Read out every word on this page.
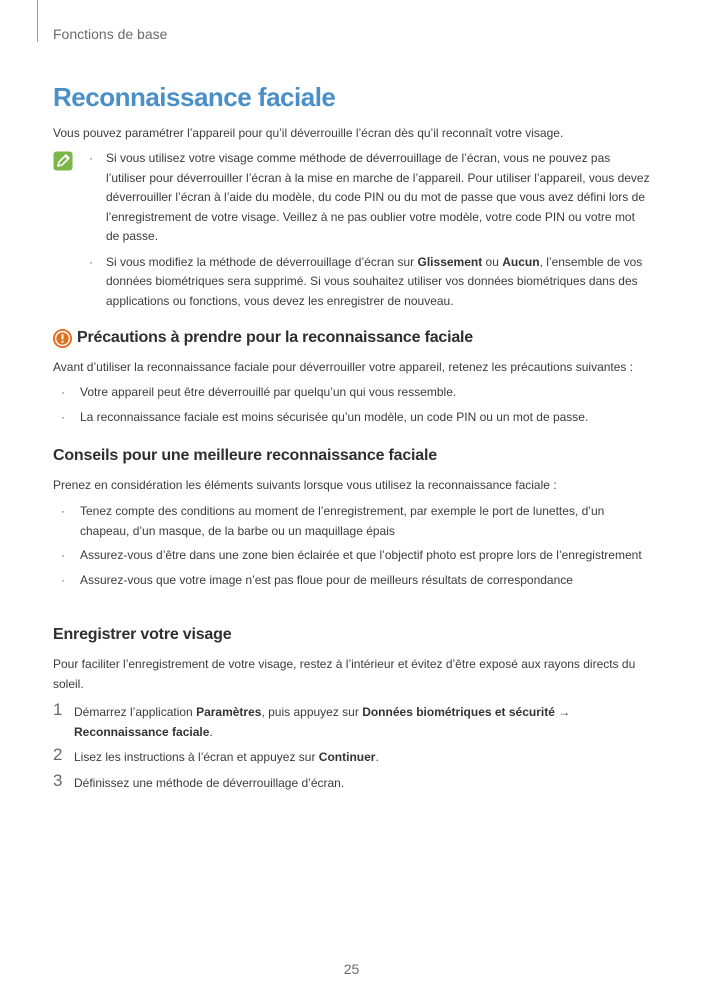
Fonctions de base
Reconnaissance faciale
Vous pouvez paramétrer l’appareil pour qu’il déverrouille l’écran dès qu’il reconnaît votre visage.
· Si vous utilisez votre visage comme méthode de déverrouillage de l’écran, vous ne pouvez pas l’utiliser pour déverrouiller l’écran à la mise en marche de l’appareil. Pour utiliser l’appareil, vous devez déverrouiller l’écran à l’aide du modèle, du code PIN ou du mot de passe que vous avez défini lors de l’enregistrement de votre visage. Veillez à ne pas oublier votre modèle, votre code PIN ou votre mot de passe.
· Si vous modifiez la méthode de déverrouillage d’écran sur Glissement ou Aucun, l’ensemble de vos données biométriques sera supprimé. Si vous souhaitez utiliser vos données biométriques dans des applications ou fonctions, vous devez les enregistrer de nouveau.
Précautions à prendre pour la reconnaissance faciale
Avant d’utiliser la reconnaissance faciale pour déverrouiller votre appareil, retenez les précautions suivantes :
· Votre appareil peut être déverrouillé par quelqu’un qui vous ressemble.
· La reconnaissance faciale est moins sécurisée qu’un modèle, un code PIN ou un mot de passe.
Conseils pour une meilleure reconnaissance faciale
Prenez en considération les éléments suivants lorsque vous utilisez la reconnaissance faciale :
· Tenez compte des conditions au moment de l’enregistrement, par exemple le port de lunettes, d’un chapeau, d’un masque, de la barbe ou un maquillage épais
· Assurez-vous d’être dans une zone bien éclairée et que l’objectif photo est propre lors de l’enregistrement
· Assurez-vous que votre image n’est pas floue pour de meilleurs résultats de correspondance
Enregistrer votre visage
Pour faciliter l’enregistrement de votre visage, restez à l’intérieur et évitez d’être exposé aux rayons directs du soleil.
1 Démarrez l’application Paramètres, puis appuyez sur Données biométriques et sécurité → Reconnaissance faciale.
2 Lisez les instructions à l’écran et appuyez sur Continuer.
3 Définissez une méthode de déverrouillage d’écran.
25
